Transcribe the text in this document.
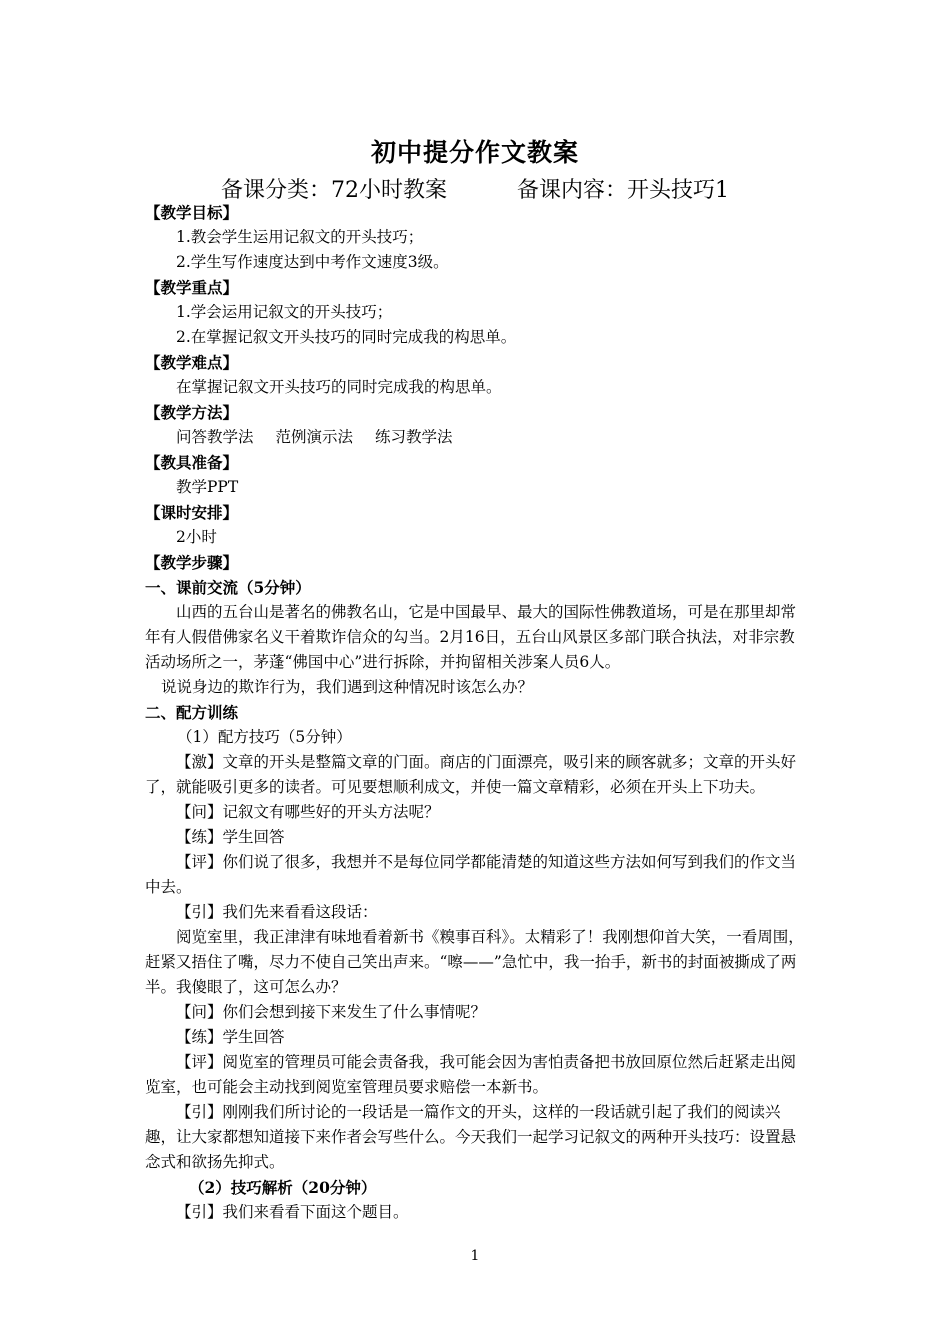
初中提分作文教案
备课分类：72小时教案          备课内容：开头技巧1

【教学目标】

1.教会学生运用记叙文的开头技巧；

2.学生写作速度达到中考作文速度3级。

【教学重点】

1.学会运用记叙文的开头技巧；

2.在掌握记叙文开头技巧的同时完成我的构思单。

【教学难点】

在掌握记叙文开头技巧的同时完成我的构思单。

【教学方法】

问答教学法 范例演示法 练习教学法

【教具准备】

教学PPT

【课时安排】

2小时

【教学步骤】

一、课前交流（5分钟）

山西的五台山是著名的佛教名山，它是中国最早、最大的国际性佛教道场，可是在那里却常年有人假借佛家名义干着欺诈信众的勾当。2月16日，五台山风景区多部门联合执法，对非宗教活动场所之一，茅蓬“佛国中心”进行拆除，并拘留相关涉案人员6人。

说说身边的欺诈行为，我们遇到这种情况时该怎么办？

二、配方训练

（1）配方技巧（5分钟）

【激】文章的开头是整篇文章的门面。商店的门面漂亮，吸引来的顾客就多；文章的开头好了，就能吸引更多的读者。可见要想顺利成文，并使一篇文章精彩，必须在开头上下功夫。

【问】记叙文有哪些好的开头方法呢？

【练】学生回答

【评】你们说了很多，我想并不是每位同学都能清楚的知道这些方法如何写到我们的作文当中去。

【引】我们先来看看这段话：

阅览室里，我正津津有味地看着新书《糗事百科》。太精彩了！我刚想仰首大笑，一看周围，赶紧又捂住了嘴，尽力不使自己笑出声来。“嚓——”急忙中，我一抬手，新书的封面被撕成了两半。我傻眼了，这可怎么办？

【问】你们会想到接下来发生了什么事情呢？

【练】学生回答

【评】阅览室的管理员可能会责备我，我可能会因为害怕责备把书放回原位然后赶紧走出阅览室，也可能会主动找到阅览室管理员要求赔偿一本新书。

【引】刚刚我们所讨论的一段话是一篇作文的开头，这样的一段话就引起了我们的阅读兴趣，让大家都想知道接下来作者会写些什么。今天我们一起学习记叙文的两种开头技巧：设置悬念式和欲扬先抑式。

（2）技巧解析（20分钟）

【引】我们来看看下面这个题目。

1
